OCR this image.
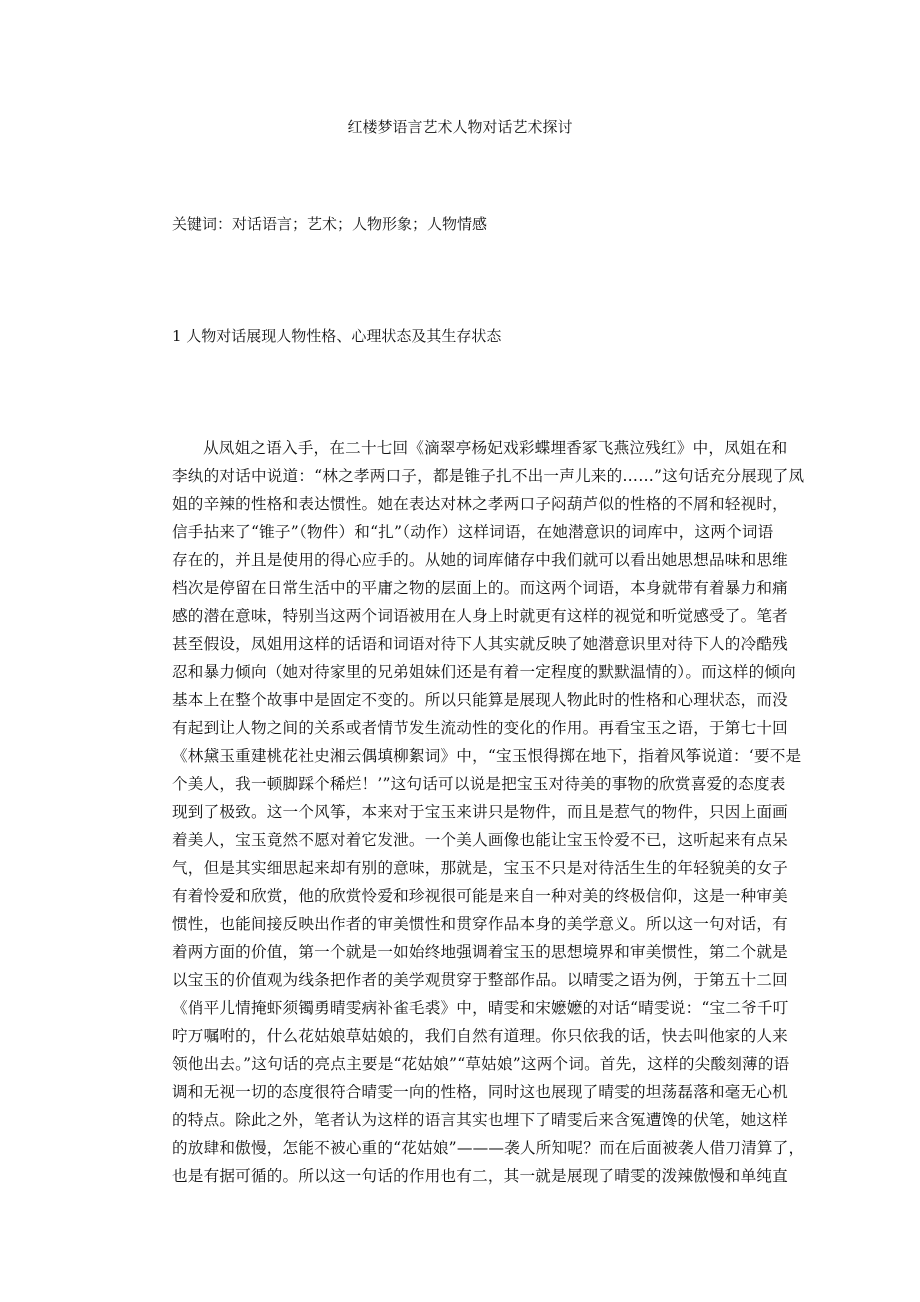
红楼梦语言艺术人物对话艺术探讨

关键词：对话语言；艺术；人物形象；人物情感

1 人物对话展现人物性格、心理状态及其生存状态
从凤姐之语入手，在二十七回《滴翠亭杨妃戏彩蝶埋香冢飞燕泣残红》中，凤姐在和
李纨的对话中说道：“林之孝两口子，都是锥子扎不出一声儿来的……”这句话充分展现了凤
姐的辛辣的性格和表达惯性。她在表达对林之孝两口子闷葫芦似的性格的不屑和轻视时，
信手拈来了“锥子”（物件）和“扎”（动作）这样词语，在她潜意识的词库中，这两个词语
存在的，并且是使用的得心应手的。从她的词库储存中我们就可以看出她思想品味和思维
档次是停留在日常生活中的平庸之物的层面上的。而这两个词语，本身就带有着暴力和痛
感的潜在意味，特别当这两个词语被用在人身上时就更有这样的视觉和听觉感受了。笔者
甚至假设，凤姐用这样的话语和词语对待下人其实就反映了她潜意识里对待下人的冷酷残
忍和暴力倾向（她对待家里的兄弟姐妹们还是有着一定程度的默默温情的）。而这样的倾向
基本上在整个故事中是固定不变的。所以只能算是展现人物此时的性格和心理状态，而没
有起到让人物之间的关系或者情节发生流动性的变化的作用。再看宝玉之语，于第七十回
《林黛玉重建桃花社史湘云偶填柳絮词》中，“宝玉恨得掷在地下，指着风筝说道：‘要不是
个美人，我一顿脚踩个稀烂！’”这句话可以说是把宝玉对待美的事物的欣赏喜爱的态度表
现到了极致。这一个风筝，本来对于宝玉来讲只是物件，而且是惹气的物件，只因上面画
着美人，宝玉竟然不愿对着它发泄。一个美人画像也能让宝玉怜爱不已，这听起来有点呆
气，但是其实细思起来却有别的意味，那就是，宝玉不只是对待活生生的年轻貌美的女子
有着怜爱和欣赏，他的欣赏怜爱和珍视很可能是来自一种对美的终极信仰，这是一种审美
惯性，也能间接反映出作者的审美惯性和贯穿作品本身的美学意义。所以这一句对话，有
着两方面的价值，第一个就是一如始终地强调着宝玉的思想境界和审美惯性，第二个就是
以宝玉的价值观为线条把作者的美学观贯穿于整部作品。以晴雯之语为例，于第五十二回
《俏平儿情掩虾须镯勇晴雯病补雀毛裘》中，晴雯和宋嬷嬷的对话“晴雯说：“宝二爷千叮
咛万嘱咐的，什么花姑娘草姑娘的，我们自然有道理。你只依我的话，快去叫他家的人来
领他出去。”这句话的亮点主要是“花姑娘”“草姑娘”这两个词。首先，这样的尖酸刻薄的语
调和无视一切的态度很符合晴雯一向的性格，同时这也展现了晴雯的坦荡磊落和毫无心机
的特点。除此之外，笔者认为这样的语言其实也埋下了晴雯后来含冤遭馋的伏笔，她这样
的放肆和傲慢，怎能不被心重的“花姑娘”———袭人所知呢？而在后面被袭人借刀清算了，
也是有据可循的。所以这一句话的作用也有二，其一就是展现了晴雯的泼辣傲慢和单纯直
